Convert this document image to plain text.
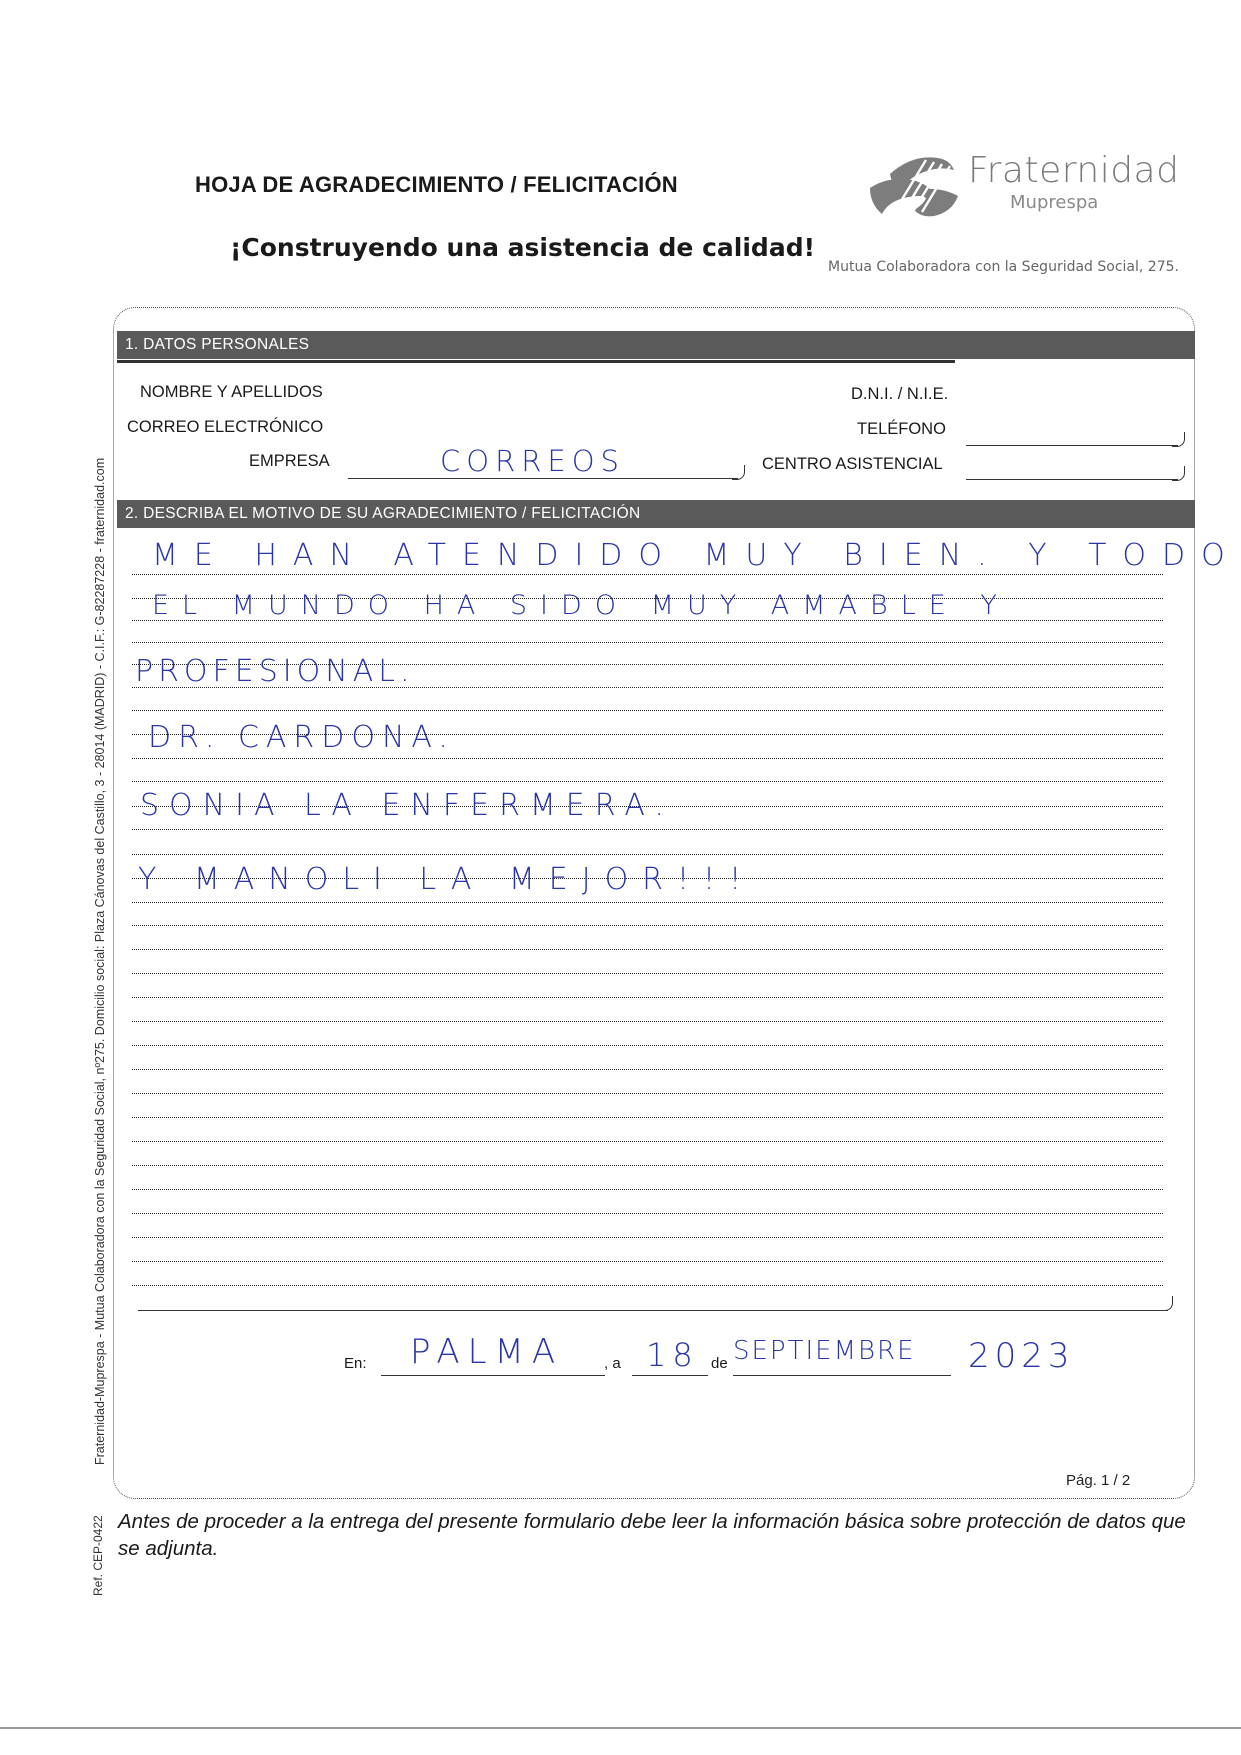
HOJA DE AGRADECIMIENTO / FELICITACIÓN
¡Construyendo una asistencia de calidad!
Fraternidad
Muprespa
Mutua Colaboradora con la Seguridad Social, 275.
1. DATOS PERSONALES
NOMBRE Y APELLIDOS
CORREO ELECTRÓNICO
EMPRESA	CORREOS
D.N.I. / N.I.E.
TELÉFONO
CENTRO ASISTENCIAL
2. DESCRIBA EL MOTIVO DE SU AGRADECIMIENTO / FELICITACIÓN
ME HAN ATENDIDO MUY BIEN. Y TODO
EL MUNDO HA SIDO MUY AMABLE Y
PROFESIONAL.
DR. CARDONA.
SONIA LA ENFERMERA.
Y MANOLI LA MEJOR!!!
En: PALMA	, a 18 de SEPTIEMBRE 2023
Pág. 1 / 2
Antes de proceder a la entrega del presente formulario debe leer la información básica sobre protección de datos que se adjunta.
Fraternidad-Muprespa - Mutua Colaboradora con la Seguridad Social, nº275. Domicilio social: Plaza Cánovas del Castillo, 3 - 28014 (MADRID) - C.I.F.: G-82287228 - fraternidad.com
Ref. CEP-0422
